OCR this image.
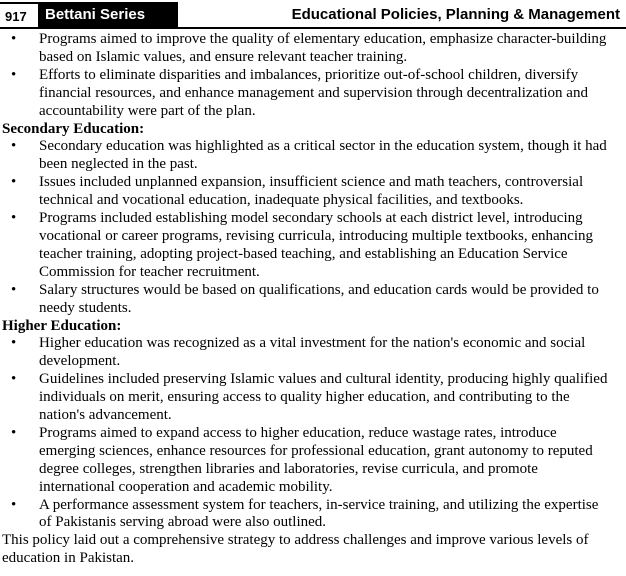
917	Bettani Series	Educational Policies, Planning & Management
• Programs aimed to improve the quality of elementary education, emphasize character-building based on Islamic values, and ensure relevant teacher training.
• Efforts to eliminate disparities and imbalances, prioritize out-of-school children, diversify financial resources, and enhance management and supervision through decentralization and accountability were part of the plan.
Secondary Education:
• Secondary education was highlighted as a critical sector in the education system, though it had been neglected in the past.
• Issues included unplanned expansion, insufficient science and math teachers, controversial technical and vocational education, inadequate physical facilities, and textbooks.
• Programs included establishing model secondary schools at each district level, introducing vocational or career programs, revising curricula, introducing multiple textbooks, enhancing teacher training, adopting project-based teaching, and establishing an Education Service Commission for teacher recruitment.
• Salary structures would be based on qualifications, and education cards would be provided to needy students.
Higher Education:
• Higher education was recognized as a vital investment for the nation's economic and social development.
• Guidelines included preserving Islamic values and cultural identity, producing highly qualified individuals on merit, ensuring access to quality higher education, and contributing to the nation's advancement.
• Programs aimed to expand access to higher education, reduce wastage rates, introduce emerging sciences, enhance resources for professional education, grant autonomy to reputed degree colleges, strengthen libraries and laboratories, revise curricula, and promote international cooperation and academic mobility.
• A performance assessment system for teachers, in-service training, and utilizing the expertise of Pakistanis serving abroad were also outlined.
This policy laid out a comprehensive strategy to address challenges and improve various levels of education in Pakistan.
